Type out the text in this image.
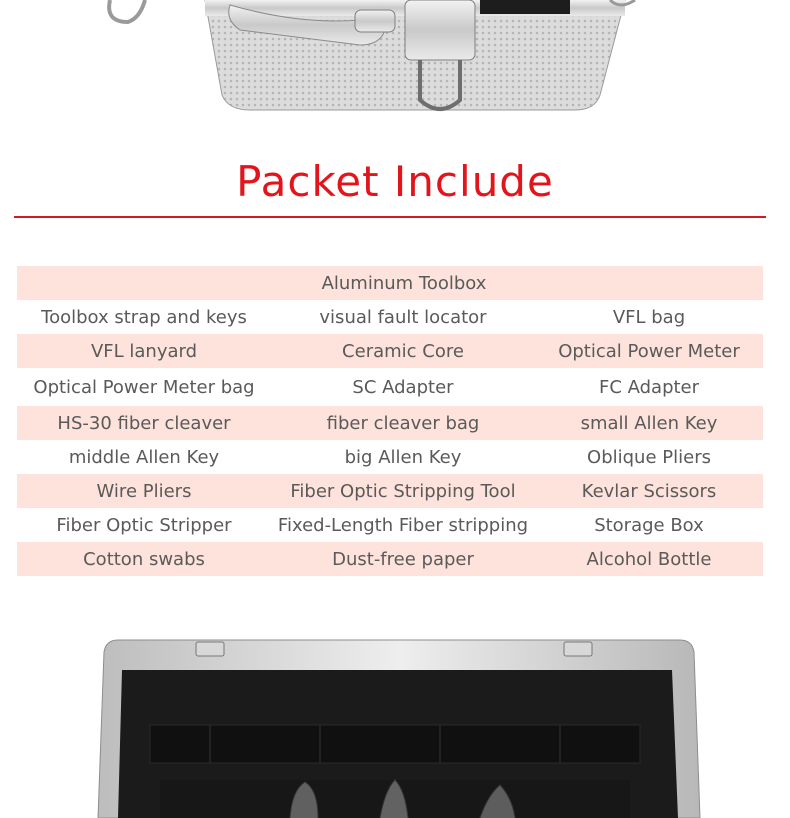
Packet Include
Aluminum Toolbox
Toolbox strap and keys	visual fault locator	VFL bag
VFL lanyard	Ceramic Core	Optical Power Meter
Optical Power Meter bag	SC Adapter	FC Adapter
HS-30 fiber cleaver	fiber cleaver bag	small Allen Key
middle Allen Key	big Allen Key	Oblique Pliers
Wire Pliers	Fiber Optic Stripping Tool	Kevlar Scissors
Fiber Optic Stripper	Fixed-Length Fiber stripping	Storage Box
Cotton swabs	Dust-free paper	Alcohol Bottle
